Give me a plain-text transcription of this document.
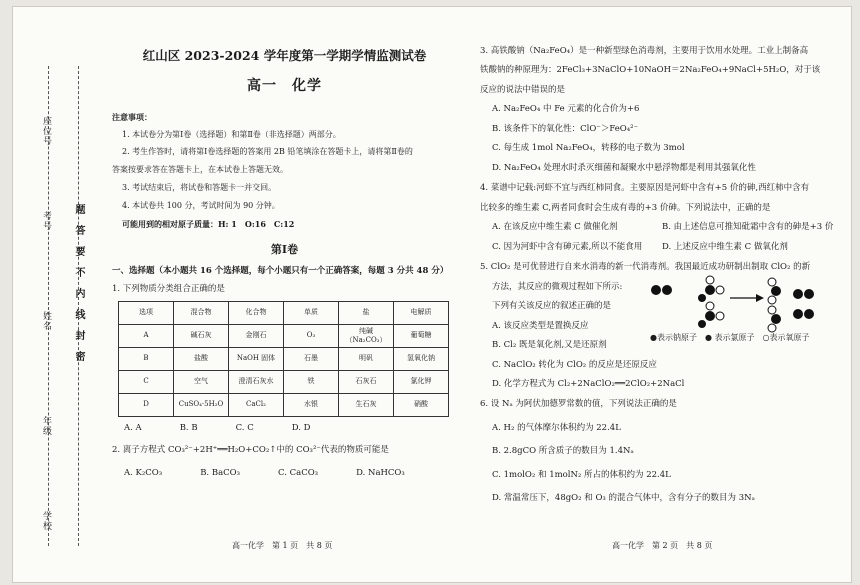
座位号
考号
姓名
年级
学校
密
封
线
内
不
要
答
题
红山区 2023-2024 学年度第一学期学情监测试卷
高一　化学
注意事项：
1. 本试卷分为第Ⅰ卷（选择题）和第Ⅱ卷（非选择题）两部分。
2. 考生作答时，请将第Ⅰ卷选择题的答案用 2B 铅笔填涂在答题卡上，请将第Ⅱ卷的
答案按要求答在答题卡上，在本试卷上答题无效。
3. 考试结束后，将试卷和答题卡一并交回。
4. 本试卷共 100 分，考试时间为 90 分钟。
可能用到的相对原子质量：H: 1　O:16　C:12
第Ⅰ卷
一、选择题（本小题共 16 个选择题，每个小题只有一个正确答案，每题 3 分共 48 分）
1. 下列物质分类组合正确的是
选项	混合物	化合物	单质	盐	电解质
A	碱石灰	金刚石	O₃	纯碱（Na₂CO₃）	葡萄糖
B	盐酸	NaOH 固体	石墨	明矾	氢氧化钠
C	空气	澄清石灰水	铁	石灰石	氯化钾
D	CuSO₄·5H₂O	CaCl₂	水银	生石灰	硝酸
A. A	B. B	C. C	D. D
2. 离子方程式 CO₃²⁻+2H⁺══H₂O+CO₂↑中的 CO₃²⁻代表的物质可能是
A. K₂CO₃	B. BaCO₃	C. CaCO₃	D. NaHCO₃
3. 高铁酸钠（Na₂FeO₄）是一种新型绿色消毒剂，主要用于饮用水处理。工业上制备高
铁酸钠的种原理为：2FeCl₃+3NaClO+10NaOH＝2Na₂FeO₄+9NaCl+5H₂O，对于该
反应的说法中错误的是
A. Na₂FeO₄ 中 Fe 元素的化合价为+6
B. 该条件下的氧化性：ClO⁻＞FeO₄²⁻
C. 每生成 1mol Na₂FeO₄，转移的电子数为 3mol
D. Na₂FeO₄ 处理水时杀灭细菌和凝聚水中悬浮物都是利用其强氧化性
4. 菜谱中记载:河虾不宜与西红柿同食。主要原因是河虾中含有+5 价的砷,西红柿中含有
比较多的维生素 C,两者同食时会生成有毒的+3 价砷。下列说法中，正确的是
A. 在该反应中维生素 C 做催化剂	B. 由上述信息可推知砒霜中含有的砷是+3 价
C. 因为河虾中含有砷元素,所以不能食用	D. 上述反应中维生素 C 做氧化剂
5. ClO₂ 是可优替进行自来水消毒的新一代消毒剂。我国最近成功研制出制取 ClO₂ 的新
方法，其反应的微观过程如下所示:
下列有关该反应的叙述正确的是
A. 该反应类型是置换反应
B. Cl₂ 既是氧化剂,又是还原剂
C. NaClO₂ 转化为 ClO₂ 的反应是还原反应
D. 化学方程式为 Cl₂+2NaClO₂══2ClO₂+2NaCl
6. 设 Nₐ 为阿伏加德罗常数的值，下列说法正确的是
A. H₂ 的气体摩尔体积约为 22.4L
B. 2.8gCO 所含质子的数目为 1.4Nₐ
C. 1molO₂ 和 1molN₂ 所占的体积约为 22.4L
D. 常温常压下，48gO₂ 和 O₃ 的混合气体中，含有分子的数目为 3Nₐ
●表示钠原子　● 表示氯原子　○表示氧原子
高一化学　第 1 页　共 8 页	高一化学　第 2 页　共 8 页
